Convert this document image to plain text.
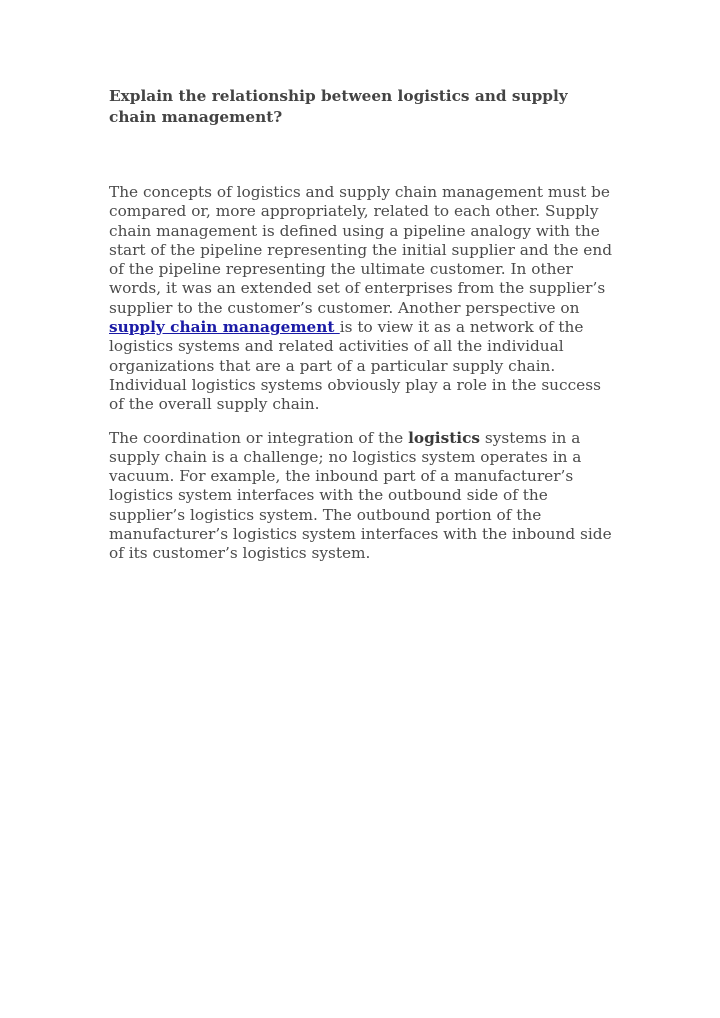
Explain the relationship between logistics and supply chain management?

The concepts of logistics and supply chain management must be compared or, more appropriately, related to each other. Supply chain management is defined using a pipeline analogy with the start of the pipeline representing the initial supplier and the end of the pipeline representing the ultimate customer. In other words, it was an extended set of enterprises from the supplier’s supplier to the customer’s customer. Another perspective on supply chain management is to view it as a network of the logistics systems and related activities of all the individual organizations that are a part of a particular supply chain. Individual logistics systems obviously play a role in the success of the overall supply chain.

The coordination or integration of the logistics systems in a supply chain is a challenge; no logistics system operates in a vacuum. For example, the inbound part of a manufacturer’s logistics system interfaces with the outbound side of the supplier’s logistics system. The outbound portion of the manufacturer’s logistics system interfaces with the inbound side of its customer’s logistics system.
